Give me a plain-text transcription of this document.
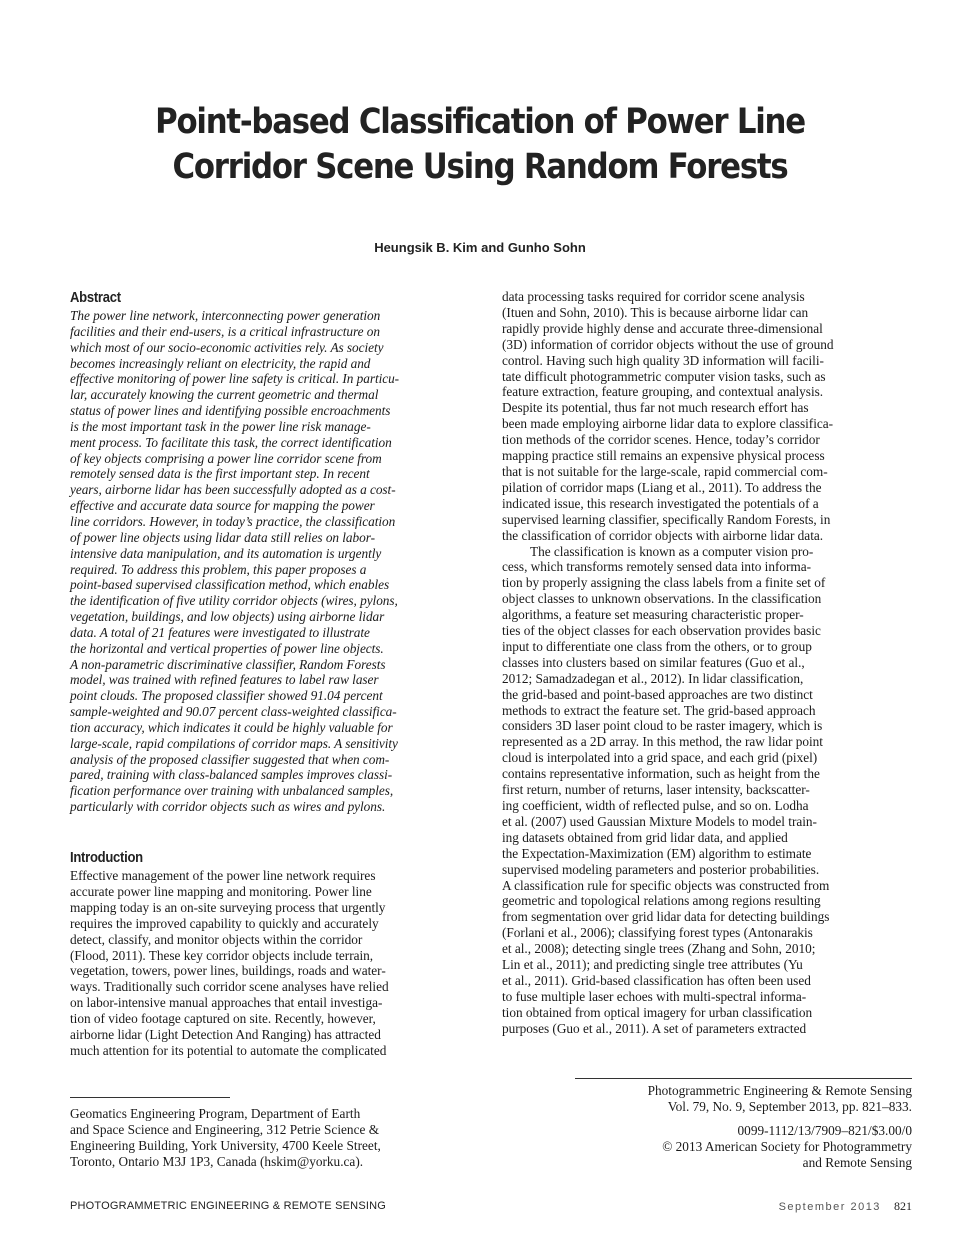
Point-based Classification of Power Line
Corridor Scene Using Random Forests
Heungsik B. Kim and Gunho Sohn
Abstract
The power line network, interconnecting power generation
facilities and their end-users, is a critical infrastructure on
which most of our socio-economic activities rely. As society
becomes increasingly reliant on electricity, the rapid and
effective monitoring of power line safety is critical. In particu-
lar, accurately knowing the current geometric and thermal
status of power lines and identifying possible encroachments
is the most important task in the power line risk manage-
ment process. To facilitate this task, the correct identification
of key objects comprising a power line corridor scene from
remotely sensed data is the first important step. In recent
years, airborne lidar has been successfully adopted as a cost-
effective and accurate data source for mapping the power
line corridors. However, in today’s practice, the classification
of power line objects using lidar data still relies on labor-
intensive data manipulation, and its automation is urgently
required. To address this problem, this paper proposes a
point-based supervised classification method, which enables
the identification of five utility corridor objects (wires, pylons,
vegetation, buildings, and low objects) using airborne lidar
data. A total of 21 features were investigated to illustrate
the horizontal and vertical properties of power line objects.
A non-parametric discriminative classifier, Random Forests
model, was trained with refined features to label raw laser
point clouds. The proposed classifier showed 91.04 percent
sample-weighted and 90.07 percent class-weighted classifica-
tion accuracy, which indicates it could be highly valuable for
large-scale, rapid compilations of corridor maps. A sensitivity
analysis of the proposed classifier suggested that when com-
pared, training with class-balanced samples improves classi-
fication performance over training with unbalanced samples,
particularly with corridor objects such as wires and pylons.
Introduction
Effective management of the power line network requires
accurate power line mapping and monitoring. Power line
mapping today is an on-site surveying process that urgently
requires the improved capability to quickly and accurately
detect, classify, and monitor objects within the corridor
(Flood, 2011). These key corridor objects include terrain,
vegetation, towers, power lines, buildings, roads and water-
ways. Traditionally such corridor scene analyses have relied
on labor-intensive manual approaches that entail investiga-
tion of video footage captured on site. Recently, however,
airborne lidar (Light Detection And Ranging) has attracted
much attention for its potential to automate the complicated
data processing tasks required for corridor scene analysis
(Ituen and Sohn, 2010). This is because airborne lidar can
rapidly provide highly dense and accurate three-dimensional
(3D) information of corridor objects without the use of ground
control. Having such high quality 3D information will facili-
tate difficult photogrammetric computer vision tasks, such as
feature extraction, feature grouping, and contextual analysis.
Despite its potential, thus far not much research effort has
been made employing airborne lidar data to explore classifica-
tion methods of the corridor scenes. Hence, today’s corridor
mapping practice still remains an expensive physical process
that is not suitable for the large-scale, rapid commercial com-
pilation of corridor maps (Liang et al., 2011). To address the
indicated issue, this research investigated the potentials of a
supervised learning classifier, specifically Random Forests, in
the classification of corridor objects with airborne lidar data.
The classification is known as a computer vision pro-
cess, which transforms remotely sensed data into informa-
tion by properly assigning the class labels from a finite set of
object classes to unknown observations. In the classification
algorithms, a feature set measuring characteristic proper-
ties of the object classes for each observation provides basic
input to differentiate one class from the others, or to group
classes into clusters based on similar features (Guo et al.,
2012; Samadzadegan et al., 2012). In lidar classification,
the grid-based and point-based approaches are two distinct
methods to extract the feature set. The grid-based approach
considers 3D laser point cloud to be raster imagery, which is
represented as a 2D array. In this method, the raw lidar point
cloud is interpolated into a grid space, and each grid (pixel)
contains representative information, such as height from the
first return, number of returns, laser intensity, backscatter-
ing coefficient, width of reflected pulse, and so on. Lodha
et al. (2007) used Gaussian Mixture Models to model train-
ing datasets obtained from grid lidar data, and applied
the Expectation-Maximization (EM) algorithm to estimate
supervised modeling parameters and posterior probabilities.
A classification rule for specific objects was constructed from
geometric and topological relations among regions resulting
from segmentation over grid lidar data for detecting buildings
(Forlani et al., 2006); classifying forest types (Antonarakis
et al., 2008); detecting single trees (Zhang and Sohn, 2010;
Lin et al., 2011); and predicting single tree attributes (Yu
et al., 2011). Grid-based classification has often been used
to fuse multiple laser echoes with multi-spectral informa-
tion obtained from optical imagery for urban classification
purposes (Guo et al., 2011). A set of parameters extracted
Geomatics Engineering Program, Department of Earth
and Space Science and Engineering, 312 Petrie Science &
Engineering Building, York University, 4700 Keele Street,
Toronto, Ontario M3J 1P3, Canada (hskim@yorku.ca).
Photogrammetric Engineering & Remote Sensing
Vol. 79, No. 9, September 2013, pp. 821–833.
0099-1112/13/7909–821/$3.00/0
© 2013 American Society for Photogrammetry
and Remote Sensing
PHOTOGRAMMETRIC ENGINEERING & REMOTE SENSING	September 2013 821
